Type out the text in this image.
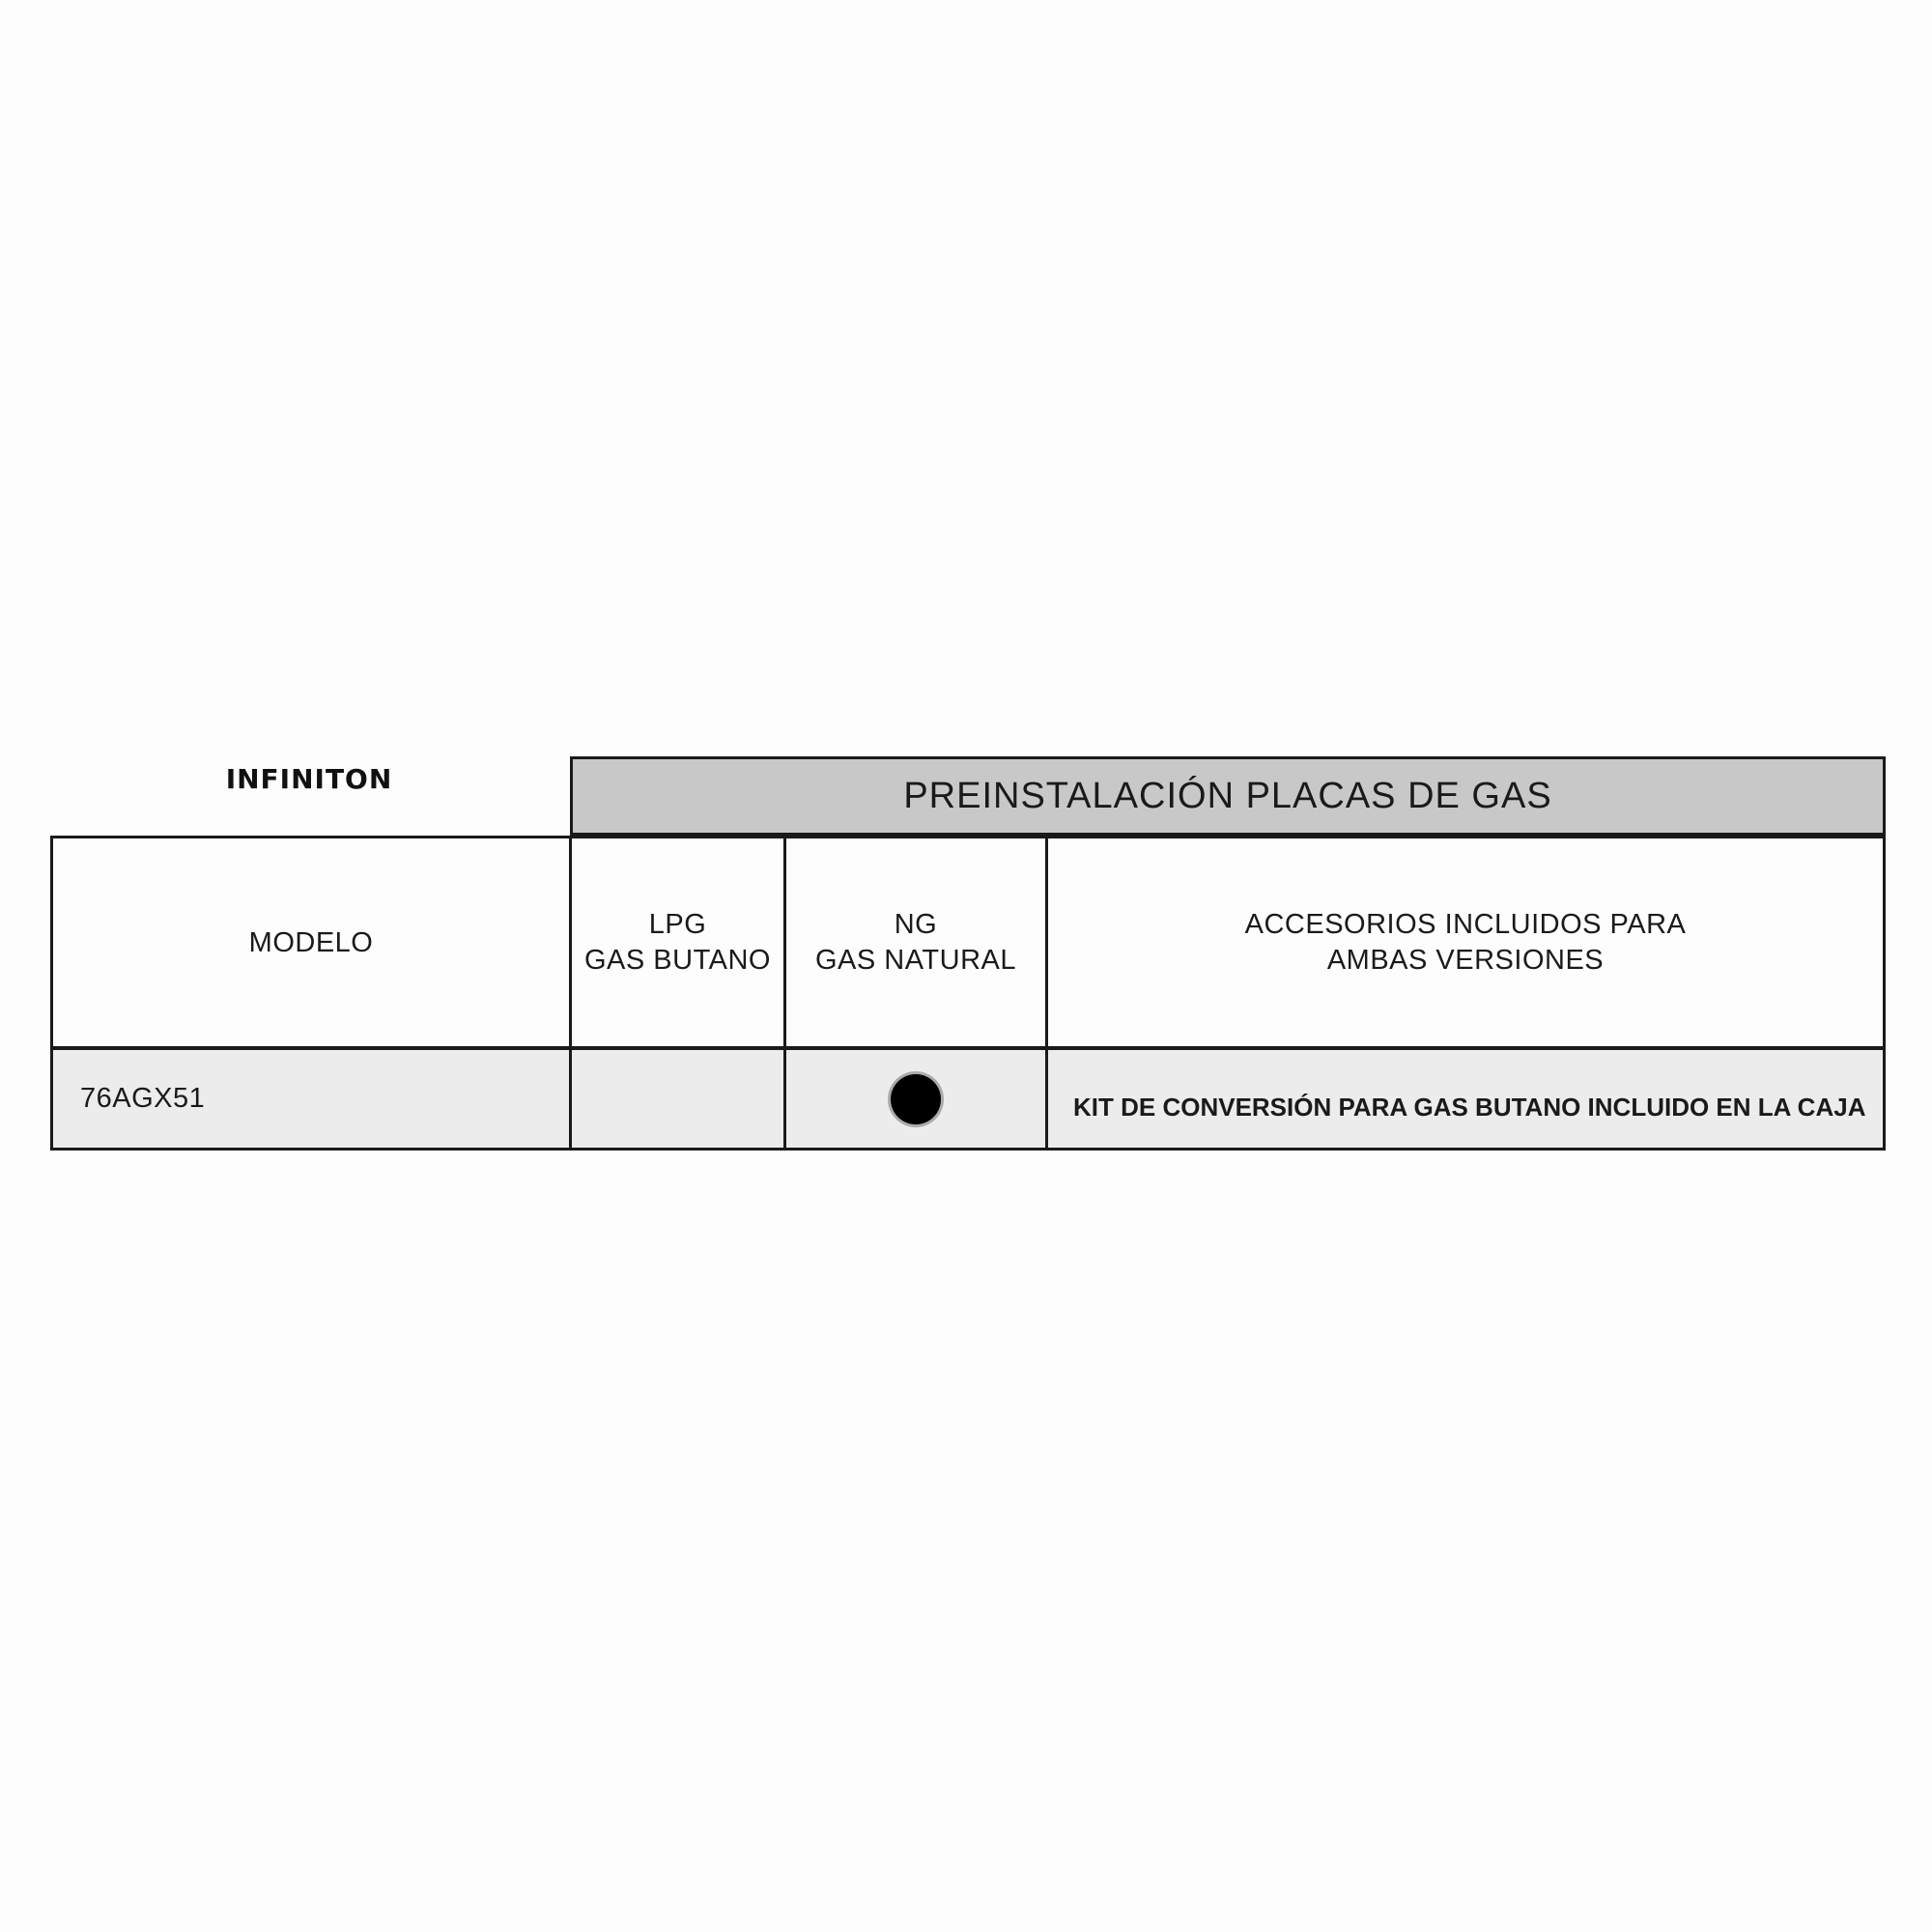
INFINITON	PREINSTALACIÓN PLACAS DE GAS
MODELO
LPG
GAS BUTANO
NG
GAS NATURAL
ACCESORIOS INCLUIDOS PARA
AMBAS VERSIONES
76AGX51	KIT DE CONVERSIÓN PARA GAS BUTANO INCLUIDO EN LA CAJA
